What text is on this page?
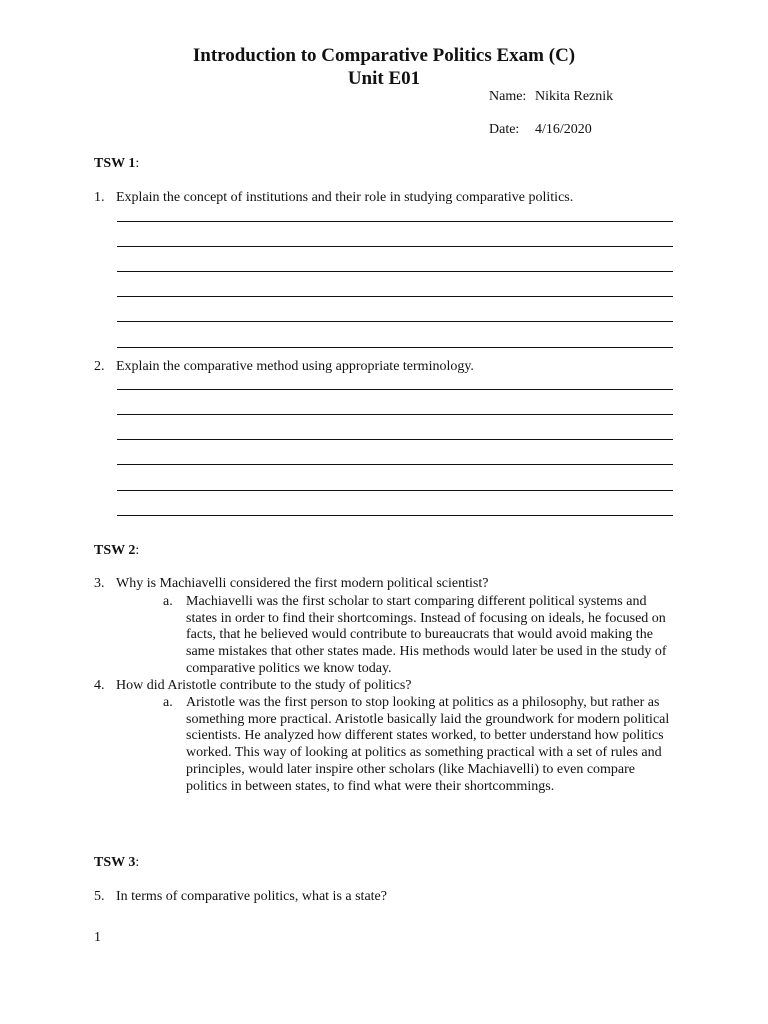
Introduction to Comparative Politics Exam (C)
Unit E01
Name: Nikita Reznik
Date: 4/16/2020
TSW 1:
1. Explain the concept of institutions and their role in studying comparative politics.
2. Explain the comparative method using appropriate terminology.
TSW 2:
3. Why is Machiavelli considered the first modern political scientist?
a. Machiavelli was the first scholar to start comparing different political systems and states in order to find their shortcomings. Instead of focusing on ideals, he focused on facts, that he believed would contribute to bureaucrats that would avoid making the same mistakes that other states made. His methods would later be used in the study of comparative politics we know today.
4. How did Aristotle contribute to the study of politics?
a. Aristotle was the first person to stop looking at politics as a philosophy, but rather as something more practical. Aristotle basically laid the groundwork for modern political scientists. He analyzed how different states worked, to better understand how politics worked. This way of looking at politics as something practical with a set of rules and principles, would later inspire other scholars (like Machiavelli) to even compare politics in between states, to find what were their shortcommings.
TSW 3:
5. In terms of comparative politics, what is a state?
1
